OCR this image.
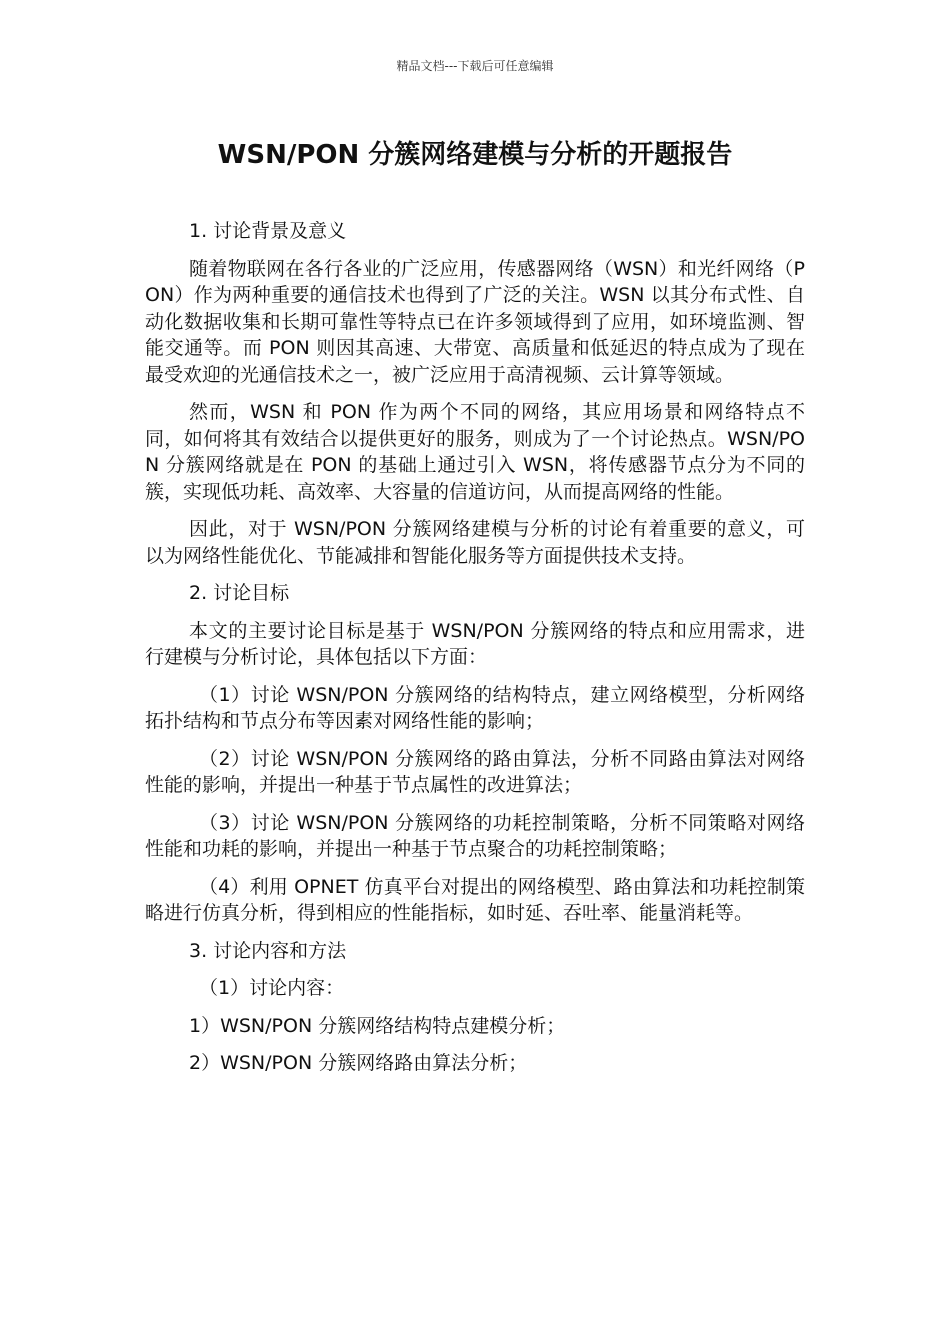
精品文档---下载后可任意编辑
WSN/PON 分簇网络建模与分析的开题报告

1. 讨论背景及意义

随着物联网在各行各业的广泛应用，传感器网络（WSN）和光纤网络（PON）作为两种重要的通信技术也得到了广泛的关注。WSN 以其分布式性、自动化数据收集和长期可靠性等特点已在许多领域得到了应用，如环境监测、智能交通等。而 PON 则因其高速、大带宽、高质量和低延迟的特点成为了现在最受欢迎的光通信技术之一，被广泛应用于高清视频、云计算等领域。

然而，WSN 和 PON 作为两个不同的网络，其应用场景和网络特点不同，如何将其有效结合以提供更好的服务，则成为了一个讨论热点。WSN/PON 分簇网络就是在 PON 的基础上通过引入 WSN，将传感器节点分为不同的簇，实现低功耗、高效率、大容量的信道访问，从而提高网络的性能。

因此，对于 WSN/PON 分簇网络建模与分析的讨论有着重要的意义，可以为网络性能优化、节能减排和智能化服务等方面提供技术支持。

2. 讨论目标

本文的主要讨论目标是基于 WSN/PON 分簇网络的特点和应用需求，进行建模与分析讨论，具体包括以下方面：

（1）讨论 WSN/PON 分簇网络的结构特点，建立网络模型，分析网络拓扑结构和节点分布等因素对网络性能的影响；

（2）讨论 WSN/PON 分簇网络的路由算法，分析不同路由算法对网络性能的影响，并提出一种基于节点属性的改进算法；

（3）讨论 WSN/PON 分簇网络的功耗控制策略，分析不同策略对网络性能和功耗的影响，并提出一种基于节点聚合的功耗控制策略；

（4）利用 OPNET 仿真平台对提出的网络模型、路由算法和功耗控制策略进行仿真分析，得到相应的性能指标，如时延、吞吐率、能量消耗等。

3. 讨论内容和方法

（1）讨论内容：

1）WSN/PON 分簇网络结构特点建模分析；

2）WSN/PON 分簇网络路由算法分析；
